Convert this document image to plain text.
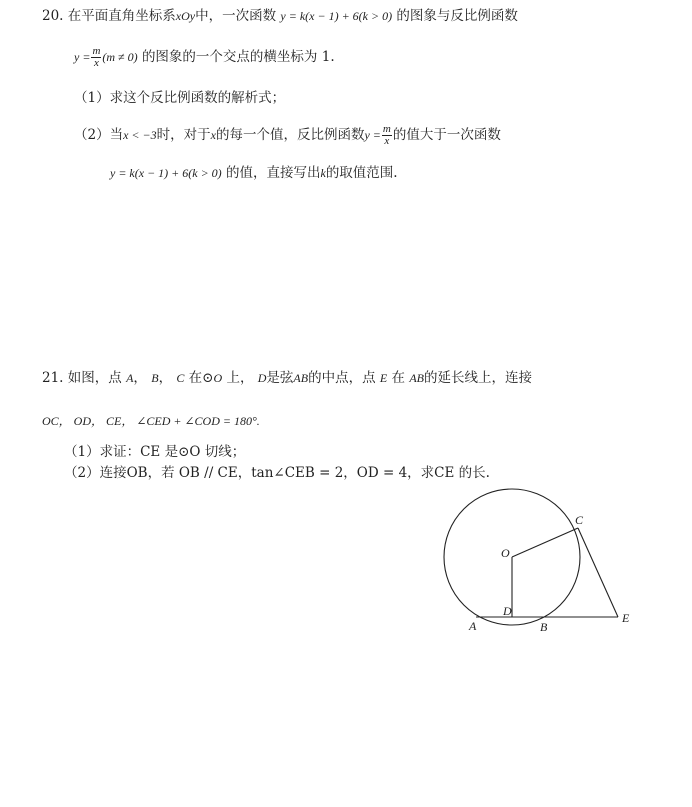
20. 在平面直角坐标系xOy中，一次函数 y = k(x − 1) + 6(k > 0) 的图象与反比例函数
$y = \frac{m}{x} (m \ne 0)$ 的图象的一个交点的横坐标为 1.
（1）求这个反比例函数的解析式；
（2）当x < −3时，对于x的每一个值，反比例函数$y = \frac{m}{x}$ 的值大于一次函数
y = k(x − 1) + 6(k > 0) 的值，直接写出k的取值范围.
21. 如图，点 A， B， C 在⊙O 上， D是弦AB的中点，点 E 在 AB的延长线上，连接
OC， OD， CE， ∠CED + ∠COD = 180°.
（1）求证：CE 是⊙O 切线；
（2）连接OB，若 OB // CE，tan∠CEB = 2，OD = 4，求CE 的长.
C
O
D
A	B
E
